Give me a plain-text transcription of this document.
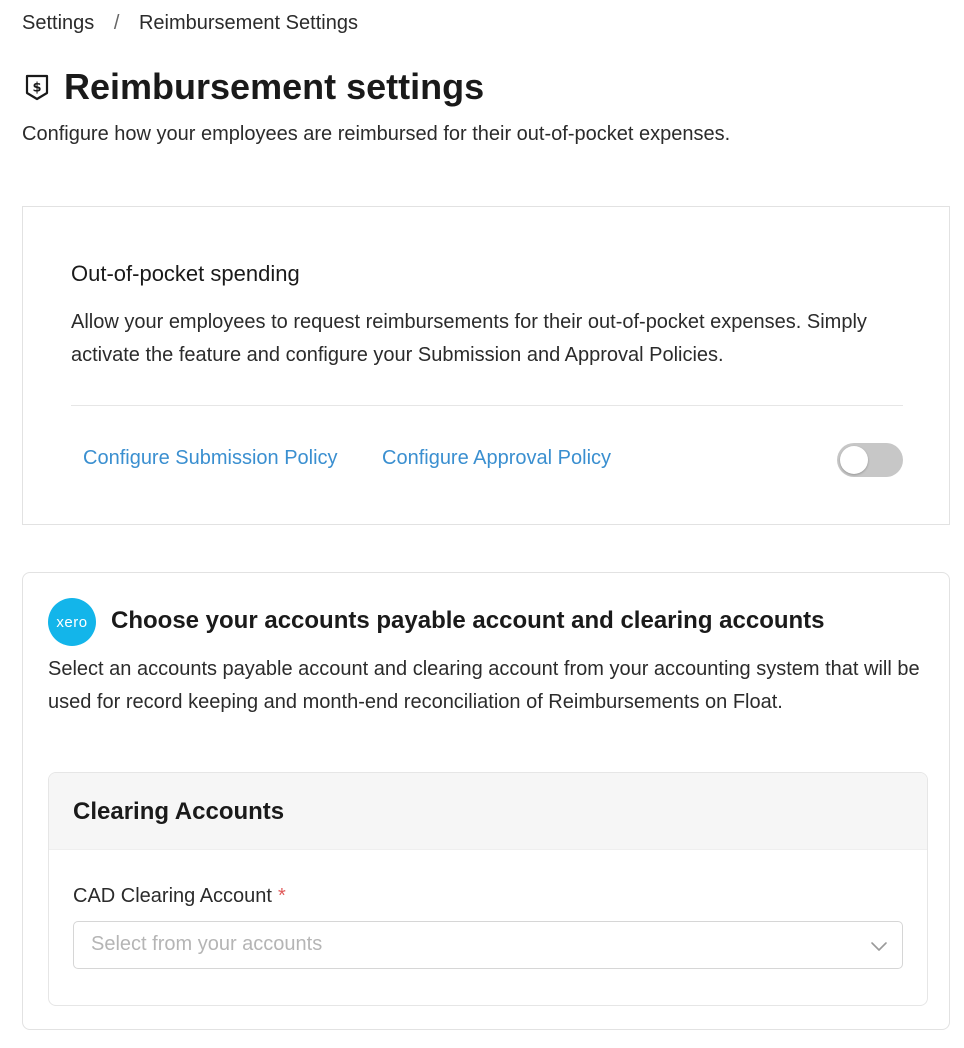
Settings / Reimbursement Settings
$ Reimbursement settings
Configure how your employees are reimbursed for their out-of-pocket expenses.
Out-of-pocket spending
Allow your employees to request reimbursements for their out-of-pocket expenses. Simply activate the feature and configure your Submission and Approval Policies.
Configure Submission Policy Configure Approval Policy
xero Choose your accounts payable account and clearing accounts
Select an accounts payable account and clearing account from your accounting system that will be used for record keeping and month-end reconciliation of Reimbursements on Float.
Clearing Accounts
CAD Clearing Account *
Select from your accounts
